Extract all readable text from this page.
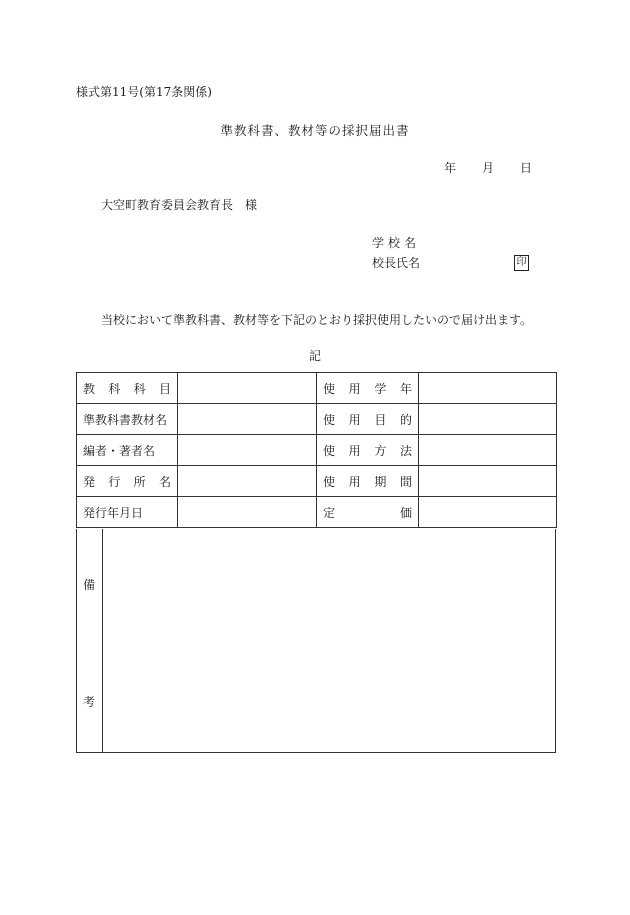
様式第11号(第17条関係)
準教科書、教材等の採択届出書
年 月 日
大空町教育委員会教育長　様
学校名
校長氏名	印
当校において準教科書、教材等を下記のとおり採択使用したいので届け出ます。
記
教 科 科 目		使 用 学 年	

準教科書教材名		使 用 目 的	

編者・著者名		使 用 方 法	

発 行 所 名		使 用 期 間	

発行年月日		定 価	

備
考
